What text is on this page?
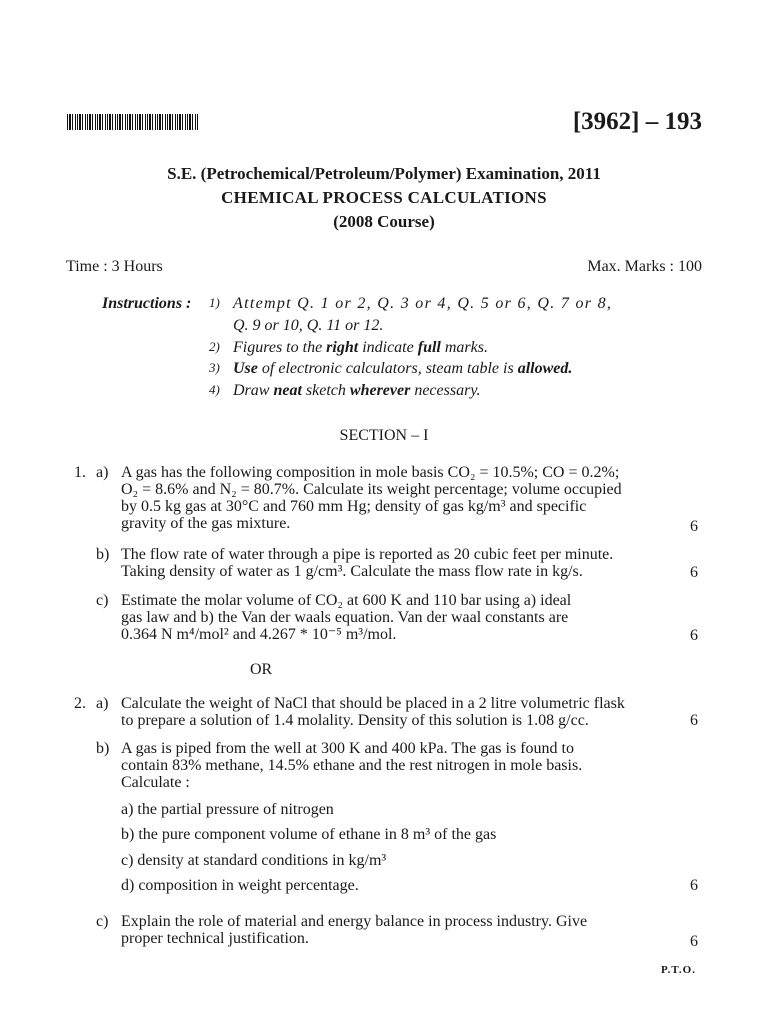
[3962] – 193
S.E. (Petrochemical/Petroleum/Polymer) Examination, 2011
CHEMICAL PROCESS CALCULATIONS
(2008 Course)
Time : 3 Hours	Max. Marks : 100
Instructions : 1) Attempt Q. 1 or 2, Q. 3 or 4, Q. 5 or 6, Q. 7 or 8,
Q. 9 or 10, Q. 11 or 12.
2) Figures to the right indicate full marks.
3) Use of electronic calculators, steam table is allowed.
4) Draw neat sketch wherever necessary.
SECTION – I
1. a) A gas has the following composition in mole basis CO₂ = 10.5%; CO = 0.2%;
O₂ = 8.6% and N₂ = 80.7%. Calculate its weight percentage; volume occupied
by 0.5 kg gas at 30°C and 760 mm Hg; density of gas kg/m³ and specific
gravity of the gas mixture.	6
b) The flow rate of water through a pipe is reported as 20 cubic feet per minute.
Taking density of water as 1 g/cm³. Calculate the mass flow rate in kg/s.	6
c) Estimate the molar volume of CO₂ at 600 K and 110 bar using a) ideal
gas law and b) the Van der waals equation. Van der waal constants are
0.364 N m⁴/mol² and 4.267 * 10⁻⁵ m³/mol.	6
OR
2. a) Calculate the weight of NaCl that should be placed in a 2 litre volumetric flask
to prepare a solution of 1.4 molality. Density of this solution is 1.08 g/cc.	6
b) A gas is piped from the well at 300 K and 400 kPa. The gas is found to
contain 83% methane, 14.5% ethane and the rest nitrogen in mole basis.
Calculate :
a) the partial pressure of nitrogen
b) the pure component volume of ethane in 8 m³ of the gas
c) density at standard conditions in kg/m³
d) composition in weight percentage.	6
c) Explain the role of material and energy balance in process industry. Give
proper technical justification.	6
P.T.O.
